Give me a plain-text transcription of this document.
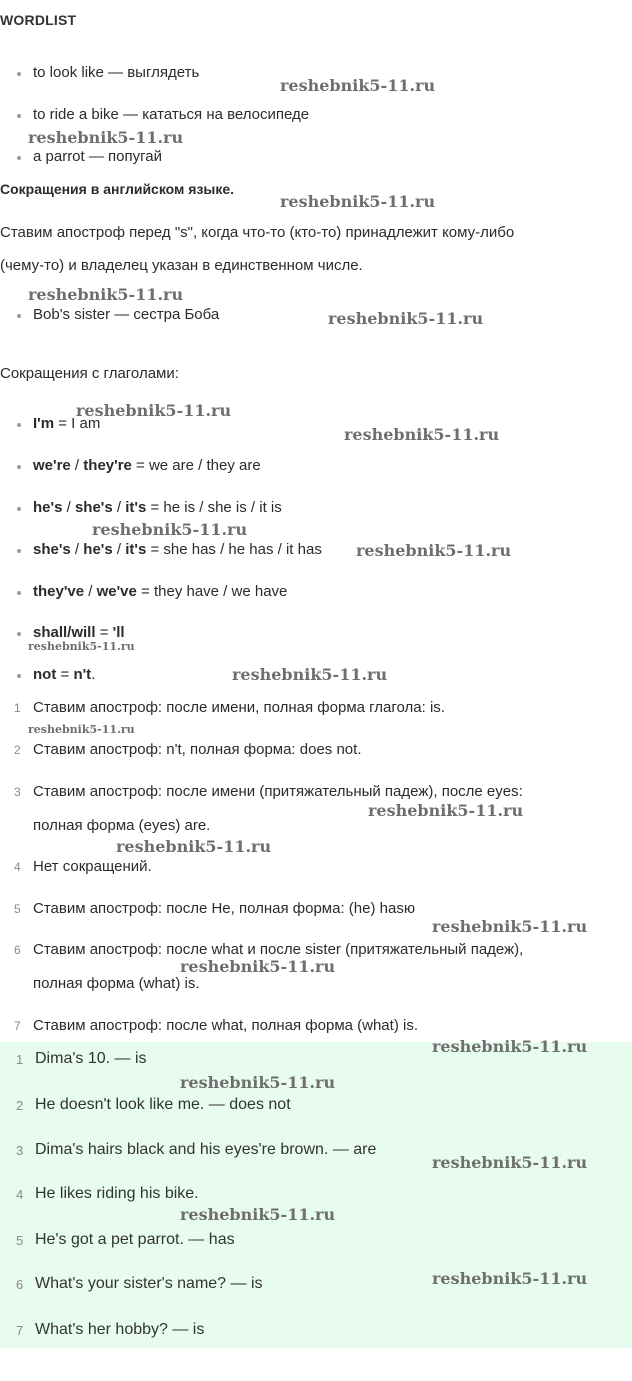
WORDLIST
to look like — выглядеть
to ride a bike — кататься на велосипеде
a parrot — попугай
Сокращения в английском языке.
Ставим апостроф перед "s", когда что-то (кто-то) принадлежит кому-либо
(чему-то) и владелец указан в единственном числе.
Bob's sister — сестра Боба
Сокращения с глаголами:
I'm = I am
we're / they're = we are / they are
he's / she's / it's = he is / she is / it is
she's / he's / it's = she has / he has / it has
they've / we've = they have / we have
shall/will = 'll
not = n't.
1 Ставим апостроф: после имени, полная форма глагола: is.
2 Ставим апостроф: n't, полная форма: does not.
3 Ставим апостроф: после имени (притяжательный падеж), после eyes:
полная форма (eyes) are.
4 Нет сокращений.
5 Ставим апостроф: после He, полная форма: (he) hasю
6 Ставим апостроф: после what и после sister (притяжательный падеж),
полная форма (what) is.
7 Ставим апостроф: после what, полная форма (what) is.
1 Dima's 10. — is
2 He doesn't look like me. — does not
3 Dima's hairs black and his eyes're brown. — are
4 He likes riding his bike.
5 He's got a pet parrot. — has
6 What's your sister's name? — is
7 What's her hobby? — is
reshebnik5-11.ru
reshebnik5-11.ru
reshebnik5-11.ru
reshebnik5-11.ru
reshebnik5-11.ru
reshebnik5-11.ru
reshebnik5-11.ru
reshebnik5-11.ru
reshebnik5-11.ru
reshebnik5-11.ru
reshebnik5-11.ru
reshebnik5-11.ru
reshebnik5-11.ru
reshebnik5-11.ru
reshebnik5-11.ru
reshebnik5-11.ru
reshebnik5-11.ru
reshebnik5-11.ru
reshebnik5-11.ru
reshebnik5-11.ru
reshebnik5-11.ru
